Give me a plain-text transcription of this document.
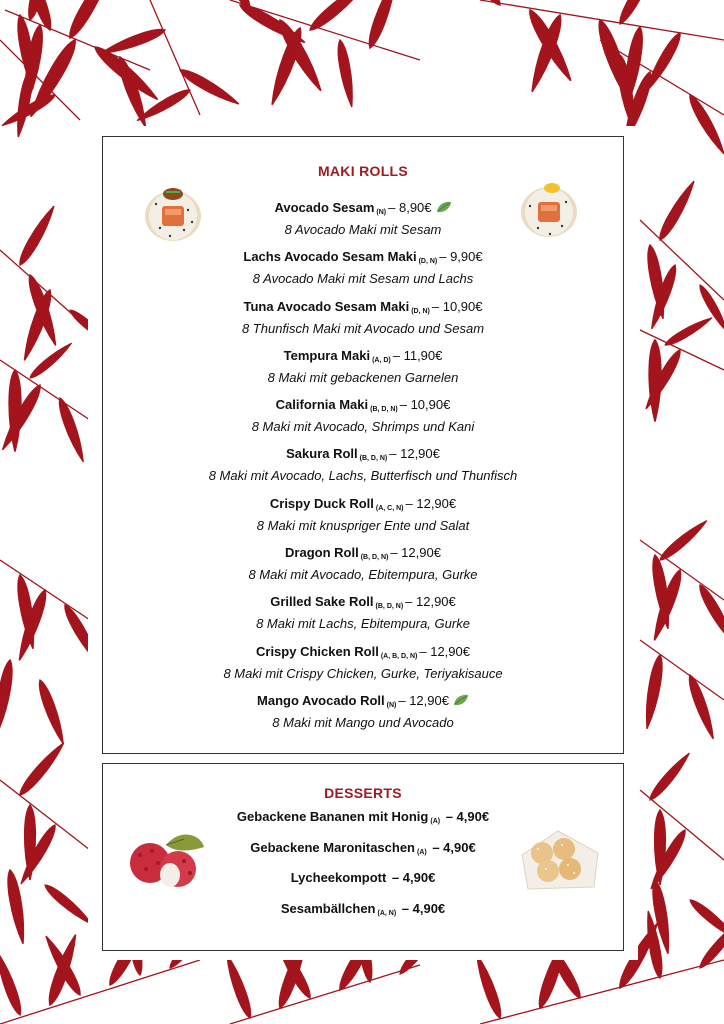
MAKI ROLLS
Avocado Sesam (N) – 8,90€
8 Avocado Maki mit Sesam
Lachs Avocado Sesam Maki (D, N) – 9,90€
8 Avocado Maki mit Sesam und Lachs
Tuna Avocado Sesam Maki (D, N) – 10,90€
8 Thunfisch Maki mit Avocado und Sesam
Tempura Maki (A, D) – 11,90€
8 Maki mit gebackenen Garnelen
California Maki (B, D, N) – 10,90€
8 Maki mit Avocado, Shrimps und Kani
Sakura Roll (B, D, N) – 12,90€
8 Maki mit Avocado, Lachs, Butterfisch und Thunfisch
Crispy Duck Roll (A, C, N) – 12,90€
8 Maki mit knuspriger Ente und Salat
Dragon Roll (B, D, N) – 12,90€
8 Maki mit Avocado, Ebitempura, Gurke
Grilled Sake Roll (B, D, N) – 12,90€
8 Maki mit Lachs, Ebitempura, Gurke
Crispy Chicken Roll (A, B, D, N) – 12,90€
8 Maki mit Crispy Chicken, Gurke, Teriyakisauce
Mango Avocado Roll (N) – 12,90€
8 Maki mit Mango und Avocado
DESSERTS
Gebackene Bananen mit Honig (A) – 4,90€
Gebackene Maronitaschen (A) – 4,90€
Lycheekompott – 4,90€
Sesambällchen (A, N) – 4,90€
